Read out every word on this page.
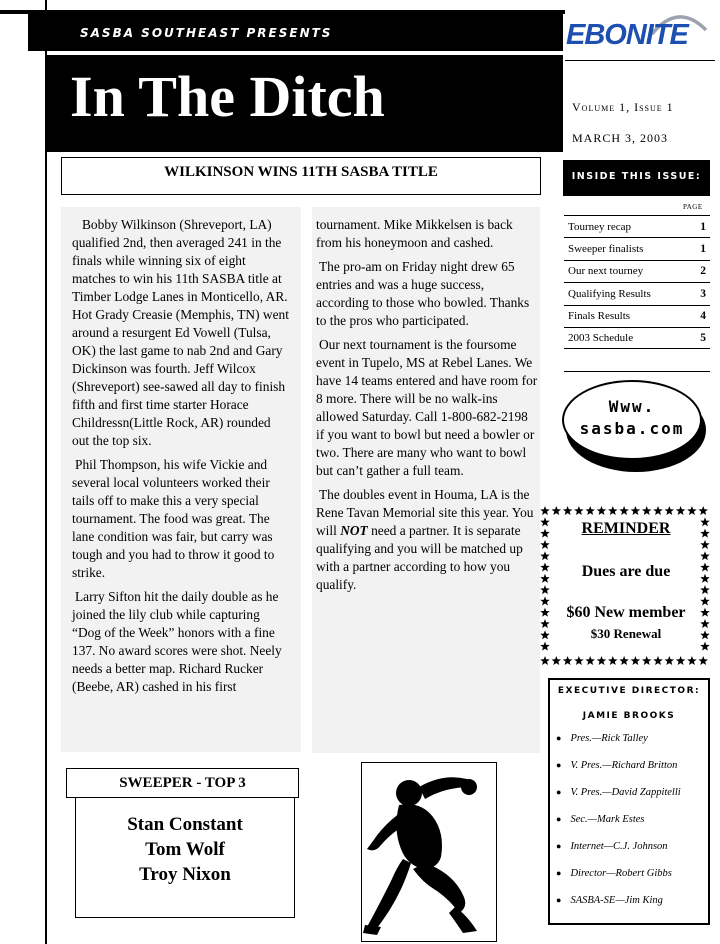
SASBA SOUTHEAST PRESENTS
In The Ditch
EBONITE
Volume 1, Issue 1
MARCH 3, 2003
WILKINSON WINS 11TH SASBA TITLE

Bobby Wilkinson (Shreveport, LA) qualified 2nd, then averaged 241 in the finals while winning six of eight matches to win his 11th SASBA title at Timber Lodge Lanes in Monticello, AR. Hot Grady Creasie (Memphis, TN) went around a resurgent Ed Vowell (Tulsa, OK) the last game to nab 2nd and Gary Dickinson was fourth. Jeff Wilcox (Shreveport) see-sawed all day to finish fifth and first time starter Horace Childressn(Little Rock, AR) rounded out the top six.

Phil Thompson, his wife Vickie and several local volunteers worked their tails off to make this a very special tournament. The food was great. The lane condition was fair, but carry was tough and you had to throw it good to strike.

Larry Sifton hit the daily double as he joined the lily club while capturing “Dog of the Week” honors with a fine 137. No award scores were shot. Neely needs a better map. Richard Rucker (Beebe, AR) cashed in his first

tournament. Mike Mikkelsen is back from his honeymoon and cashed.

The pro-am on Friday night drew 65 entries and was a huge success, according to those who bowled. Thanks to the pros who participated.

Our next tournament is the foursome event in Tupelo, MS at Rebel Lanes. We have 14 teams entered and have room for 8 more. There will be no walk-ins allowed Saturday. Call 1-800-682-2198 if you want to bowl but need a bowler or two. There are many who want to bowl but can’t gather a full team.

The doubles event in Houma, LA is the Rene Tavan Memorial site this year. You will NOT need a partner. It is separate qualifying and you will be matched up with a partner according to how you qualify.

INSIDE THIS ISSUE:
PAGE
Tourney recap	1
Sweeper finalists	1
Our next tourney	2
Qualifying Results	3
Finals Results	4
2003 Schedule	5
Www.
sasba.com
REMINDER
Dues are due
$60 New member
$30 Renewal
EXECUTIVE DIRECTOR:
JAMIE BROOKS
● Pres.—Rick Talley
● V. Pres.—Richard Britton
● V. Pres.—David Zappitelli
● Sec.—Mark Estes
● Internet—C.J. Johnson
● Director—Robert Gibbs
● SASBA-SE—Jim King
SWEEPER - TOP 3
Stan Constant
Tom Wolf
Troy Nixon
